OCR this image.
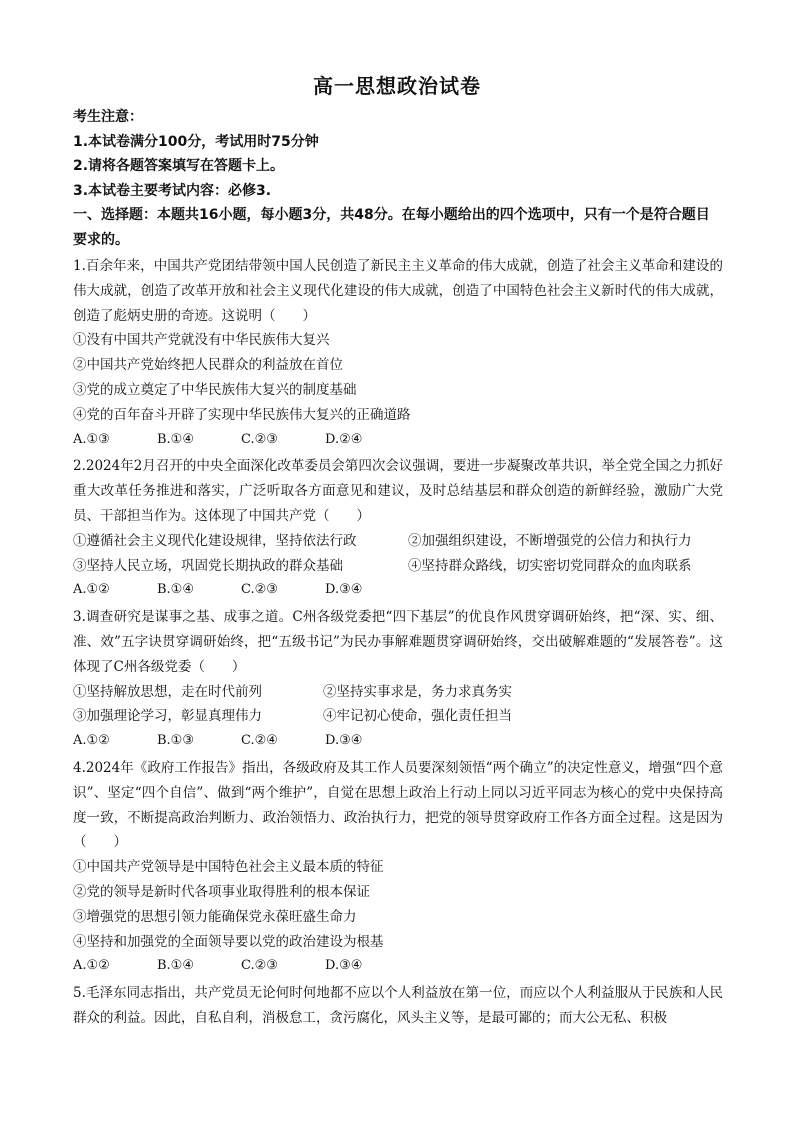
高一思想政治试卷

考生注意：

1.本试卷满分100分，考试用时75分钟

2.请将各题答案填写在答题卡上。

3.本试卷主要考试内容：必修3.

一、选择题：本题共16小题，每小题3分，共48分。在每小题给出的四个选项中，只有一个是符合题目要求的。

1.百余年来，中国共产党团结带领中国人民创造了新民主主义革命的伟大成就，创造了社会主义革命和建设的伟大成就，创造了改革开放和社会主义现代化建设的伟大成就，创造了中国特色社会主义新时代的伟大成就，创造了彪炳史册的奇迹。这说明（　　）

①没有中国共产党就没有中华民族伟大复兴

②中国共产党始终把人民群众的利益放在首位

③党的成立奠定了中华民族伟大复兴的制度基础

④党的百年奋斗开辟了实现中华民族伟大复兴的正确道路

A.①③	B.①④	C.②③	D.②④

2.2024年2月召开的中央全面深化改革委员会第四次会议强调，要进一步凝聚改革共识，举全党全国之力抓好重大改革任务推进和落实，广泛听取各方面意见和建议，及时总结基层和群众创造的新鲜经验，激励广大党员、干部担当作为。这体现了中国共产党（　　）

①遵循社会主义现代化建设规律，坚持依法行政	②加强组织建设，不断增强党的公信力和执行力
③坚持人民立场，巩固党长期执政的群众基础	④坚持群众路线，切实密切党同群众的血肉联系
A.①②	B.①④	C.②③	D.③④

3.调查研究是谋事之基、成事之道。C州各级党委把“四下基层”的优良作风贯穿调研始终，把“深、实、细、准、效”五字诀贯穿调研始终，把“五级书记”为民办事解难题贯穿调研始终，交出破解难题的“发展答卷”。这体现了C州各级党委（　　）

①坚持解放思想，走在时代前列	②坚持实事求是，务力求真务实
③加强理论学习，彰显真理伟力	④牢记初心使命，强化责任担当
A.①②	B.①③	C.②④	D.③④

4.2024年《政府工作报告》指出，各级政府及其工作人员要深刻领悟“两个确立”的决定性意义，增强“四个意识”、坚定“四个自信”、做到“两个维护”，自觉在思想上政治上行动上同以习近平同志为核心的党中央保持高度一致，不断提高政治判断力、政治领悟力、政治执行力，把党的领导贯穿政府工作各方面全过程。这是因为（　　）

①中国共产党领导是中国特色社会主义最本质的特征

②党的领导是新时代各项事业取得胜利的根本保证

③增强党的思想引领力能确保党永葆旺盛生命力

④坚持和加强党的全面领导要以党的政治建设为根基

A.①②	B.①④	C.②③	D.③④

5.毛泽东同志指出，共产党员无论何时何地都不应以个人利益放在第一位，而应以个人利益服从于民族和人民群众的利益。因此，自私自利，消极怠工，贪污腐化，风头主义等，是最可鄙的；而大公无私、积极
